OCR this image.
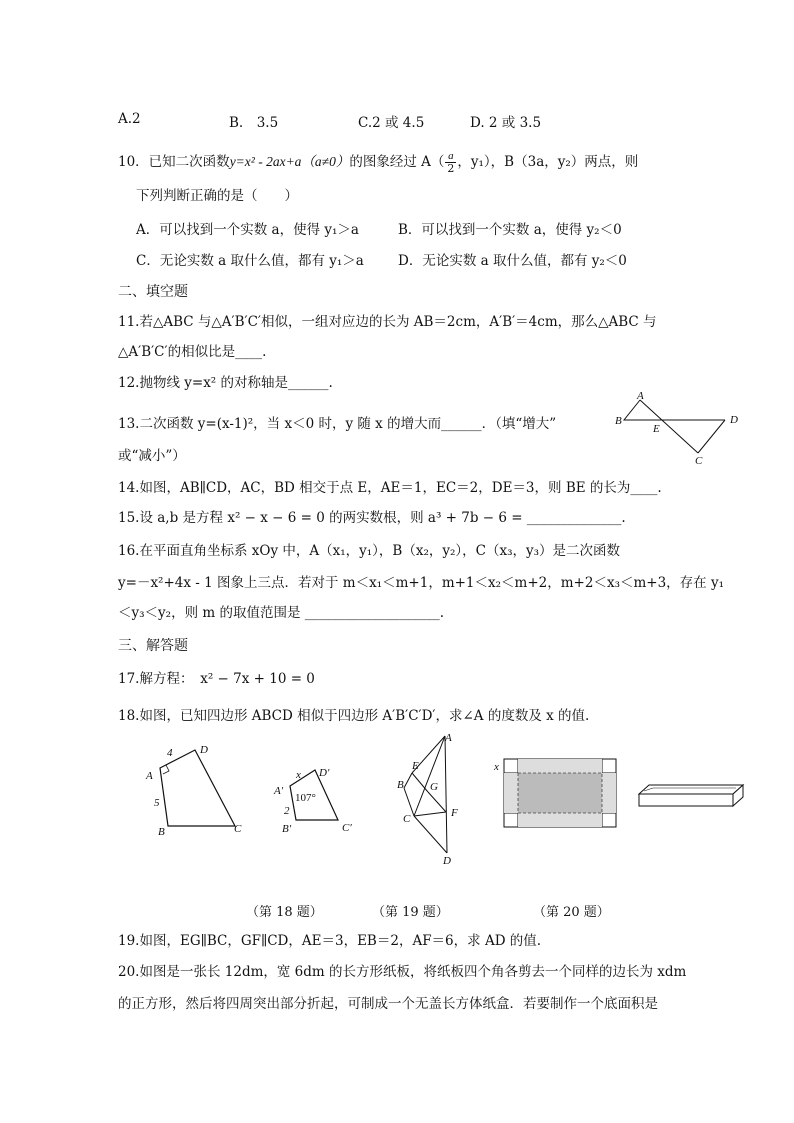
A.2	B.　3.5	C.2 或 4.5	D. 2 或 3.5
10．已知二次函数y=x² - 2ax+a（a≠0）的图象经过 $A( \frac{a}{2}$ ，y₁），B（3a，y₂）两点，则
下列判断正确的是（　　）
A．可以找到一个实数 a，使得 y₁＞a	B．可以找到一个实数 a，使得 y₂＜0
C．无论实数 a 取什么值，都有 y₁＞a	D．无论实数 a 取什么值，都有 y₂＜0
二、填空题
11.若△ABC 与△A′B′C′相似，一组对应边的长为 AB＝2cm，A′B′＝4cm，那么△ABC 与
△A′B′C′的相似比是____.
12.抛物线 y=x² 的对称轴是______.
13.二次函数 y=(x-1)²，当 x＜0 时，y 随 x 的增大而______．（填“增大”
或“减小”）
A
B
E
C
D
14.如图，AB∥CD，AC，BD 相交于点 E，AE＝1，EC＝2，DE＝3，则 BE 的长为____.
15.设 a,b 是方程 x² − x − 6 = 0 的两实数根，则 a³ + 7b − 6 = ______________.
16.在平面直角坐标系 xOy 中，A（x₁，y₁），B（x₂，y₂），C（x₃，y₃）是二次函数
y=－x²+4x - 1 图象上三点．若对于 m＜x₁＜m+1，m+1＜x₂＜m+2，m+2＜x₃＜m+3，存在 y₁
＜y₃＜y₂，则 m 的取值范围是 ____________________.
三、解答题
17.解方程：　x² − 7x + 10 = 0
18.如图，已知四边形 ABCD 相似于四边形 A′B′C′D′，求∠A 的度数及 x 的值.
A
D
B	C
4
5
A′
D′
B′	C′
x
2
107°
A
E
B G
C	F
D
x
（第 18 题）	（第 19 题）	（第 20 题）
19.如图，EG∥BC，GF∥CD，AE＝3，EB＝2，AF＝6，求 AD 的值.
20.如图是一张长 12dm，宽 6dm 的长方形纸板，将纸板四个角各剪去一个同样的边长为 xdm
的正方形，然后将四周突出部分折起，可制成一个无盖长方体纸盒．若要制作一个底面积是
